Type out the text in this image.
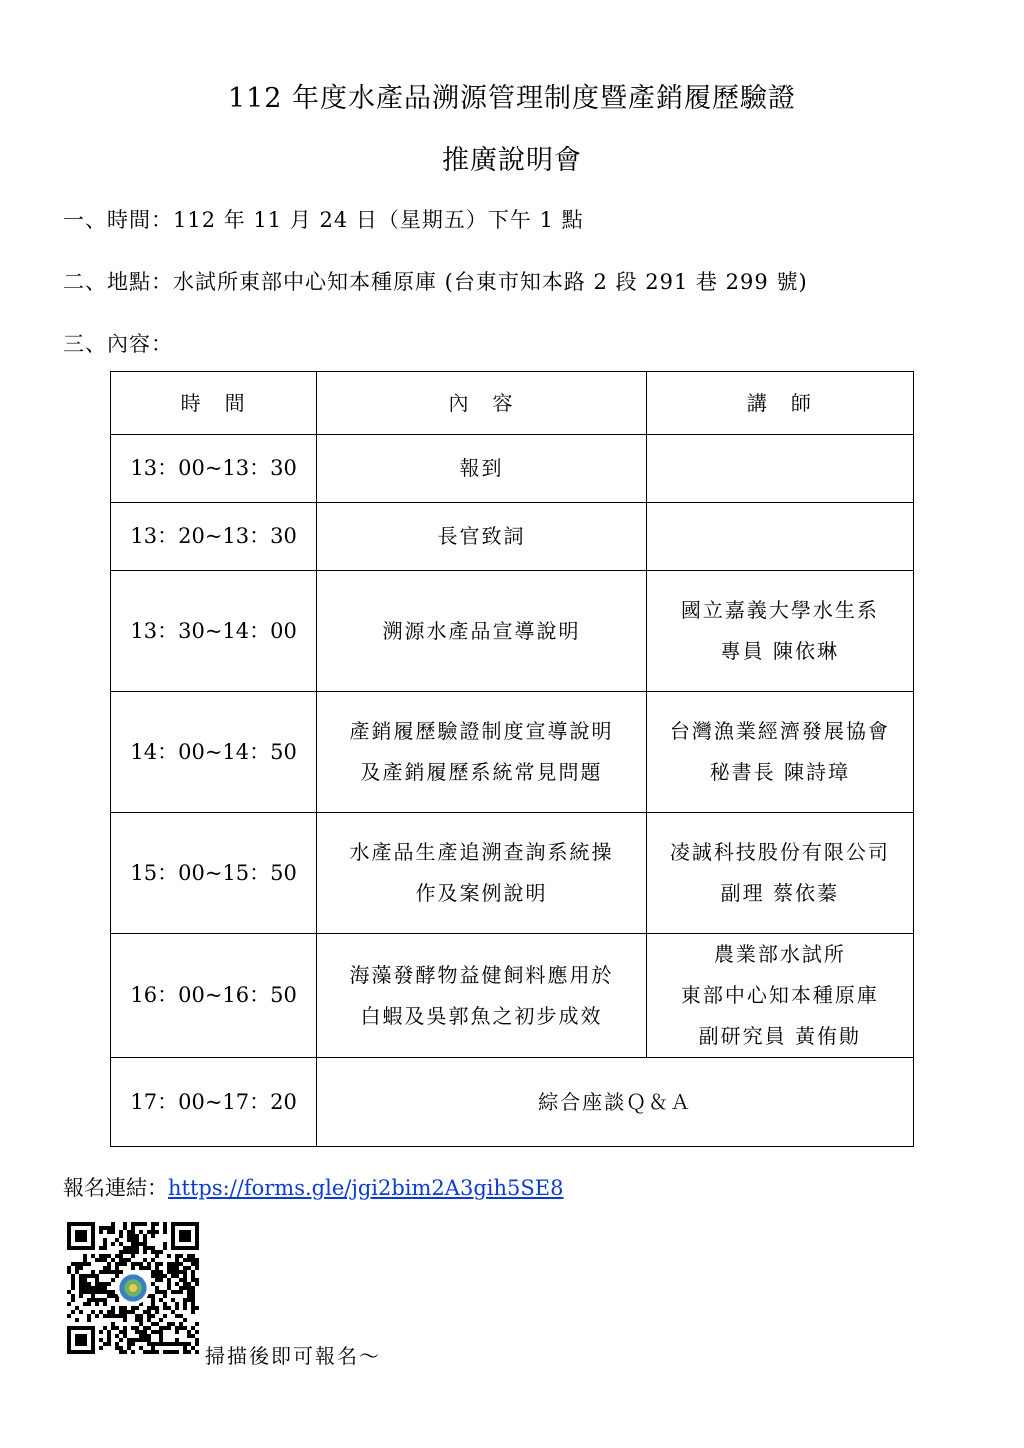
112 年度水產品溯源管理制度暨產銷履歷驗證
推廣說明會
一、時間：112 年 11 月 24 日（星期五）下午 1 點
二、地點：水試所東部中心知本種原庫 (台東市知本路 2 段 291 巷 299 號)
三、內容：
時　間	內　容	講　師
13：00~13：30	報到	

13：20~13：30	長官致詞	

13：30~14：00	溯源水產品宣導說明	國立嘉義大學水生系
專員 陳依琳

14：00~14：50	產銷履歷驗證制度宣導說明
及產銷履歷系統常見問題	台灣漁業經濟發展協會
秘書長 陳詩璋

15：00~15：50	水產品生產追溯查詢系統操
作及案例說明	凌誠科技股份有限公司
副理 蔡依蓁

16：00~16：50	海藻發酵物益健飼料應用於
白蝦及吳郭魚之初步成效	農業部水試所
東部中心知本種原庫
副研究員 黃侑勛

17：00~17：20	綜合座談Ｑ＆Ａ	
報名連結：https://forms.gle/jgi2bim2A3gih5SE8
掃描後即可報名～
